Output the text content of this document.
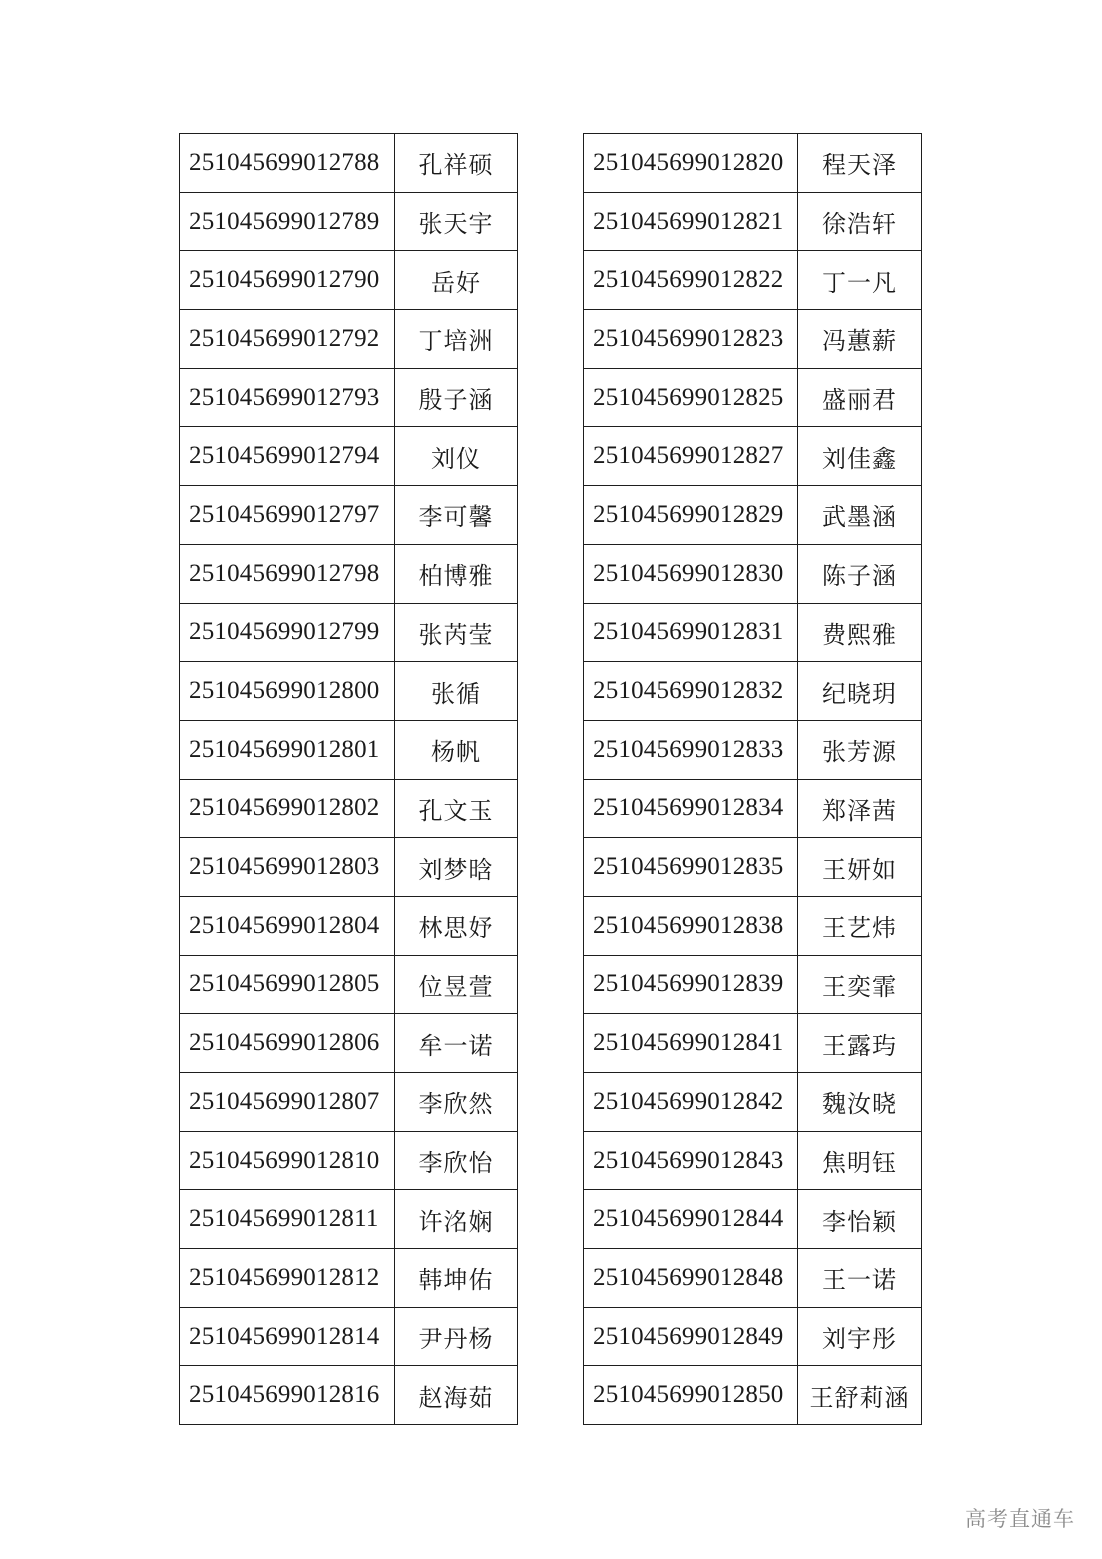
251045699012788	孔祥硕
251045699012789	张天宇
251045699012790	岳好
251045699012792	丁培洲
251045699012793	殷子涵
251045699012794	刘仪
251045699012797	李可馨
251045699012798	柏博雅
251045699012799	张芮莹
251045699012800	张循
251045699012801	杨帆
251045699012802	孔文玉
251045699012803	刘梦晗
251045699012804	林思妤
251045699012805	位昱萱
251045699012806	牟一诺
251045699012807	李欣然
251045699012810	李欣怡
251045699012811	许洺娴
251045699012812	韩坤佑
251045699012814	尹丹杨
251045699012816	赵海茹
251045699012820	程天泽
251045699012821	徐浩轩
251045699012822	丁一凡
251045699012823	冯蕙薪
251045699012825	盛丽君
251045699012827	刘佳鑫
251045699012829	武墨涵
251045699012830	陈子涵
251045699012831	费熙雅
251045699012832	纪晓玥
251045699012833	张芳源
251045699012834	郑泽茜
251045699012835	王妍如
251045699012838	王艺炜
251045699012839	王奕霏
251045699012841	王露玙
251045699012842	魏汝晓
251045699012843	焦明钰
251045699012844	李怡颖
251045699012848	王一诺
251045699012849	刘宇彤
251045699012850	王舒莉涵
高考直通车
